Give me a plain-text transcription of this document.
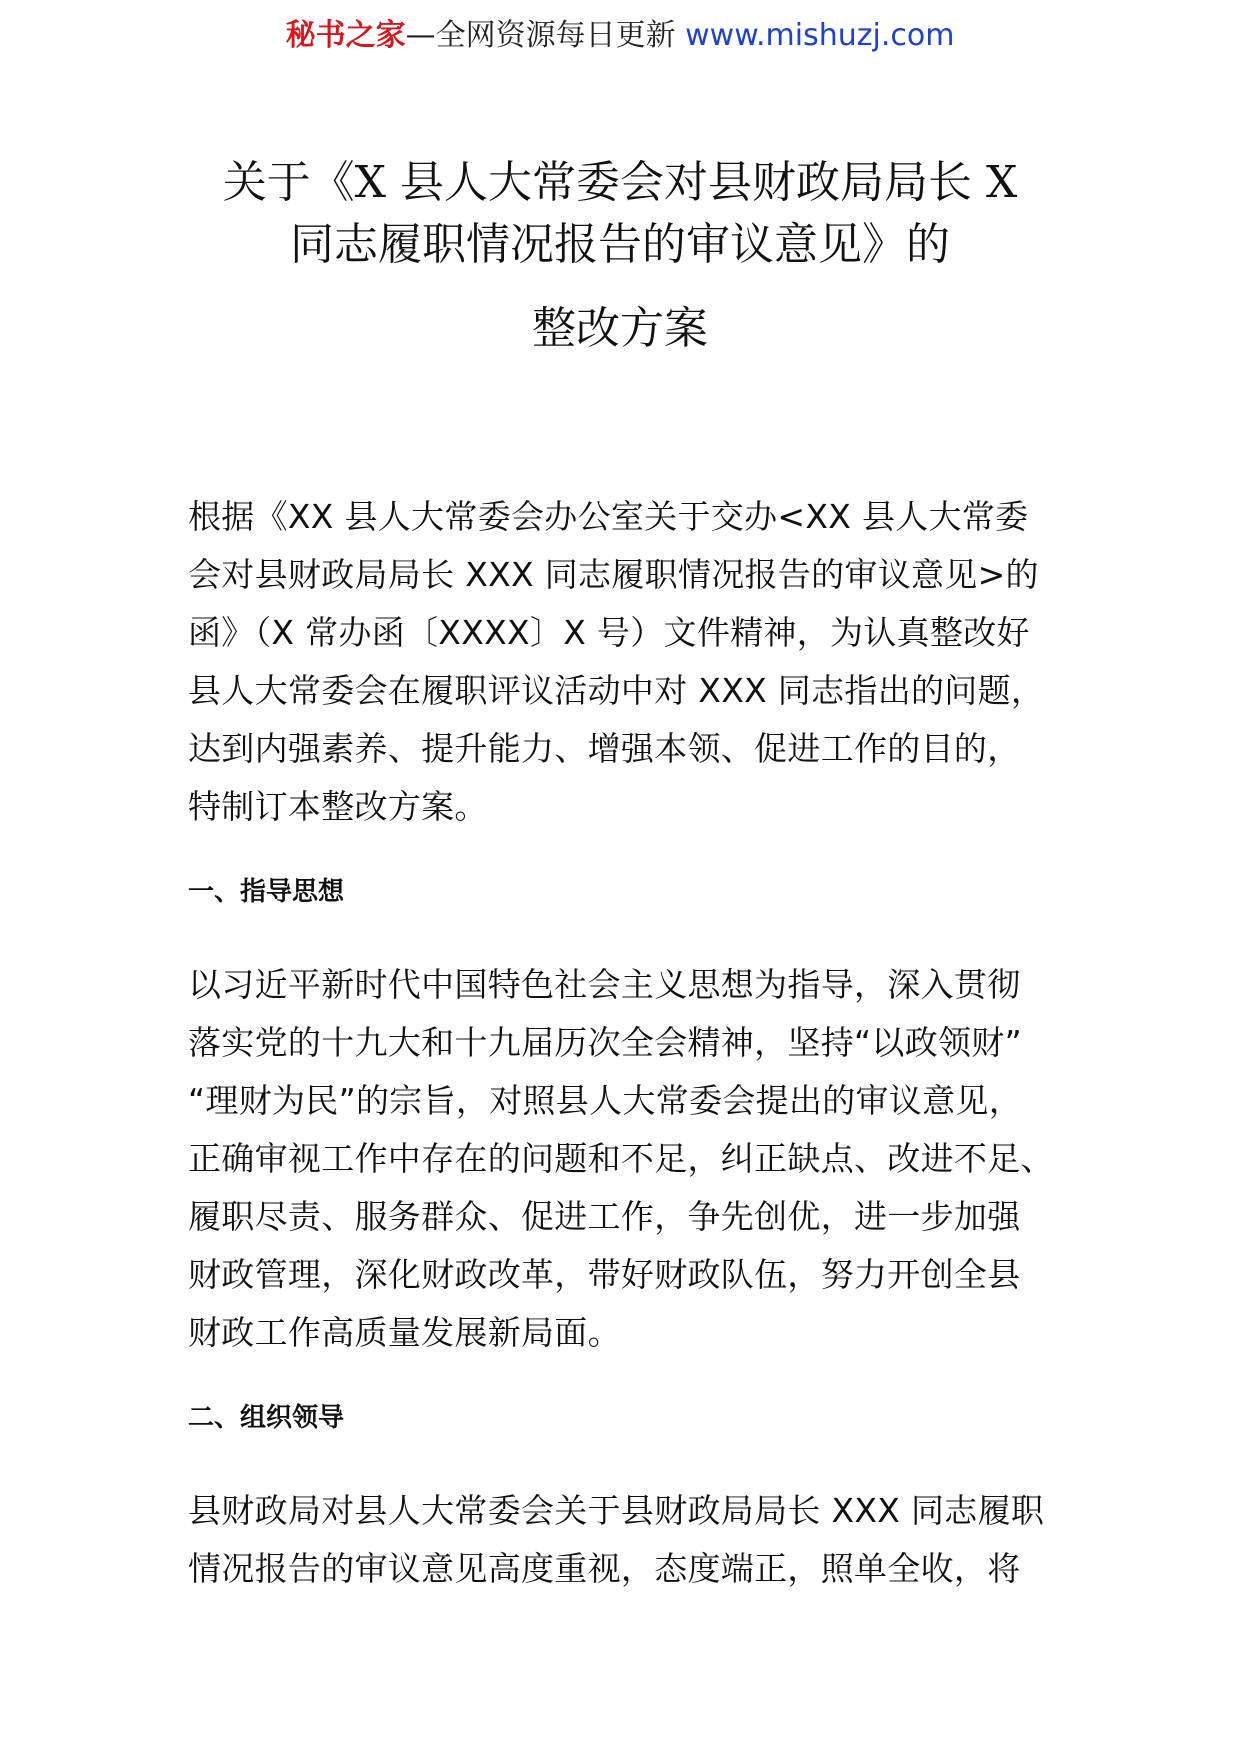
秘书之家—全网资源每日更新 www.mishuzj.com
关于《X 县人大常委会对县财政局局长 X
同志履职情况报告的审议意见》的
整改方案

根据《XX 县人大常委会办公室关于交办<XX 县人大常委
会对县财政局局长 XXX 同志履职情况报告的审议意见>的
函》（X 常办函〔XXXX〕X 号）文件精神，为认真整改好
县人大常委会在履职评议活动中对 XXX 同志指出的问题，
达到内强素养、提升能力、增强本领、促进工作的目的，
特制订本整改方案。

一、指导思想

以习近平新时代中国特色社会主义思想为指导，深入贯彻
落实党的十九大和十九届历次全会精神，坚持“以政领财”
“理财为民”的宗旨，对照县人大常委会提出的审议意见，
正确审视工作中存在的问题和不足，纠正缺点、改进不足、
履职尽责、服务群众、促进工作，争先创优，进一步加强
财政管理，深化财政改革，带好财政队伍，努力开创全县
财政工作高质量发展新局面。

二、组织领导

县财政局对县人大常委会关于县财政局局长 XXX 同志履职
情况报告的审议意见高度重视，态度端正，照单全收，将
